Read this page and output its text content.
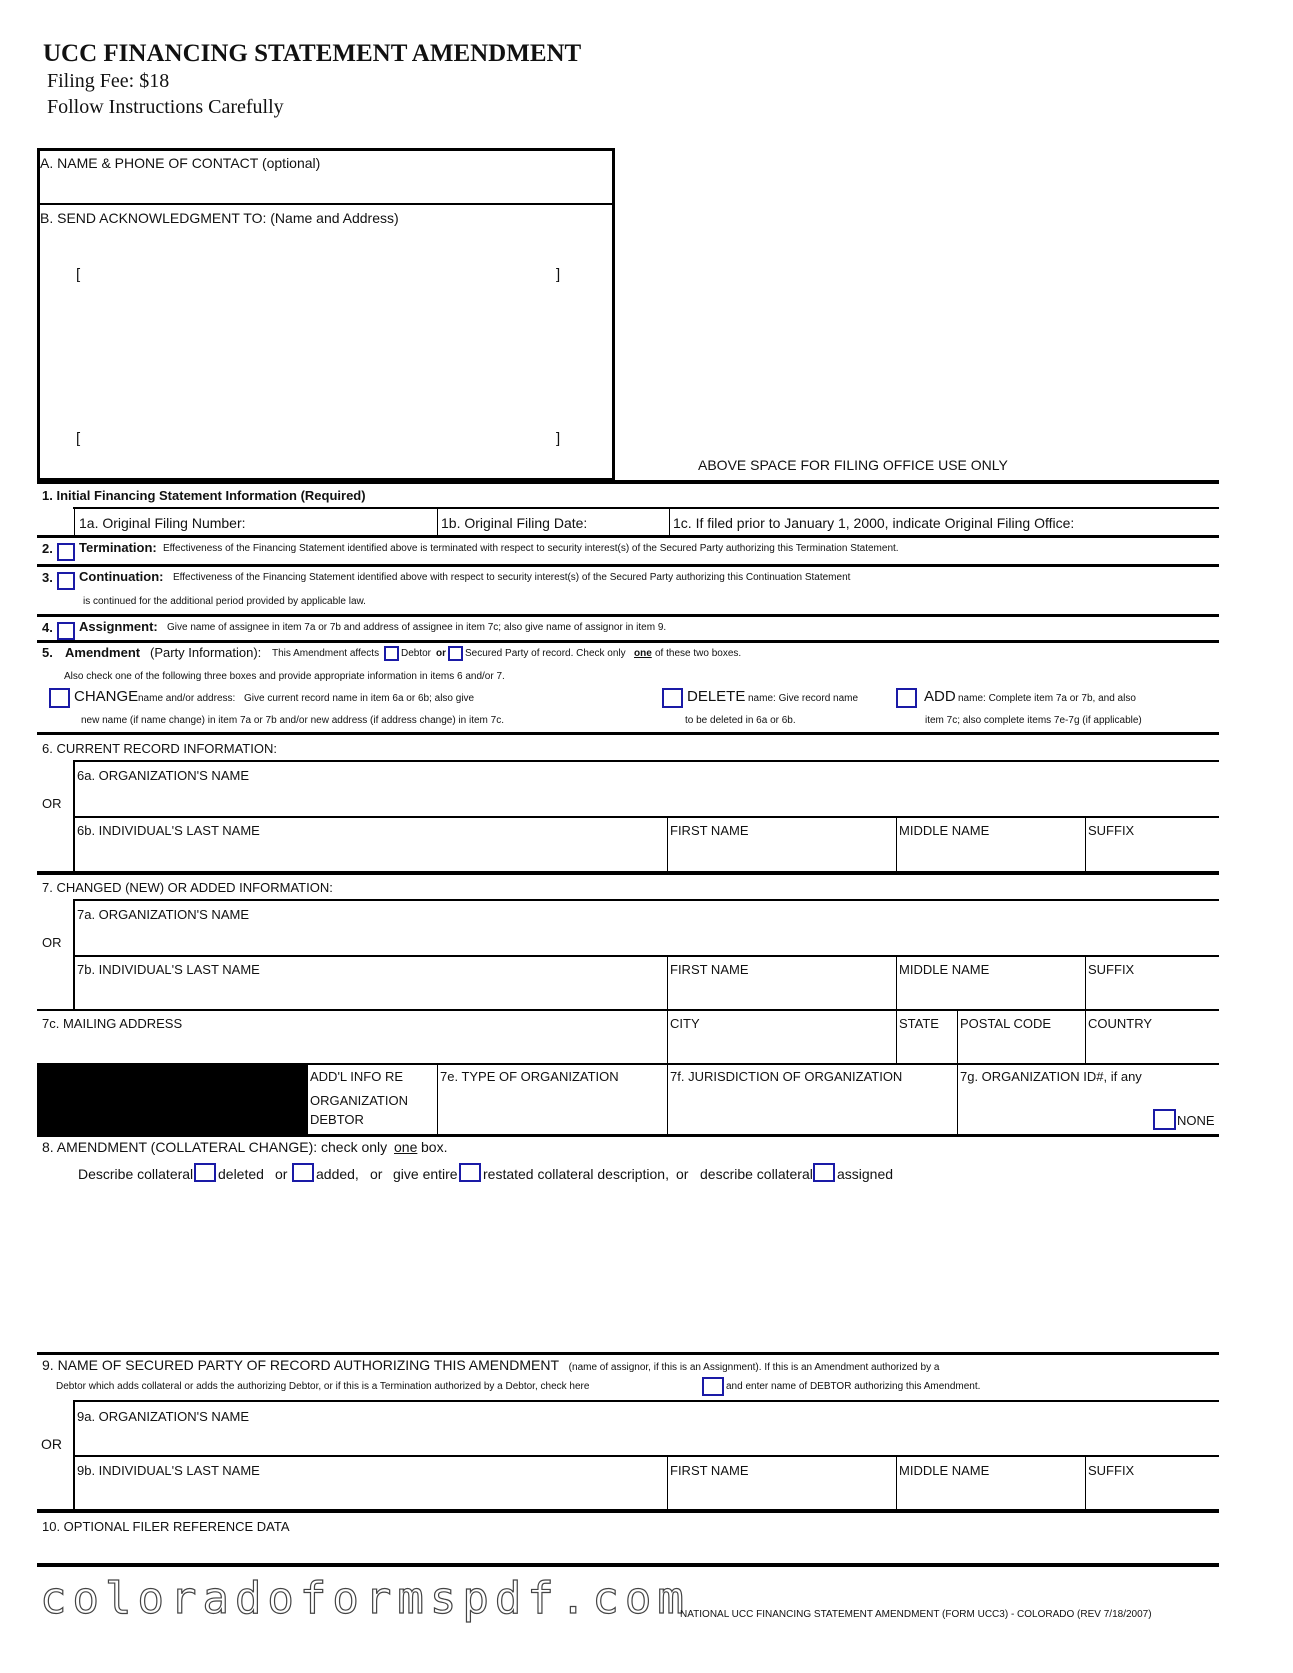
UCC FINANCING STATEMENT AMENDMENT
Filing Fee: $18
Follow Instructions Carefully
A. NAME & PHONE OF CONTACT (optional)
B. SEND ACKNOWLEDGMENT TO: (Name and Address)
[	]
[	]
ABOVE SPACE FOR FILING OFFICE USE ONLY
1. Initial Financing Statement Information (Required)
1a. Original Filing Number:	1b. Original Filing Date:	1c. If filed prior to January 1, 2000, indicate Original Filing Office:
2. Termination: Effectiveness of the Financing Statement identified above is terminated with respect to security interest(s) of the Secured Party authorizing this Termination Statement.
3. Continuation: Effectiveness of the Financing Statement identified above with respect to security interest(s) of the Secured Party authorizing this Continuation Statement
is continued for the additional period provided by applicable law.
4. Assignment: Give name of assignee in item 7a or 7b and address of assignee in item 7c; also give name of assignor in item 9.
5. Amendment (Party Information): This Amendment affects Debtor or Secured Party of record. Check only one of these two boxes.
Also check one of the following three boxes and provide appropriate information in items 6 and/or 7.
CHANGE name and/or address: Give current record name in item 6a or 6b; also give
new name (if name change) in item 7a or 7b and/or new address (if address change) in item 7c.
DELETE name: Give record name
to be deleted in 6a or 6b.
ADD name: Complete item 7a or 7b, and also
item 7c; also complete items 7e-7g (if applicable)
6. CURRENT RECORD INFORMATION:
6a. ORGANIZATION'S NAME
OR
6b. INDIVIDUAL'S LAST NAME	FIRST NAME	MIDDLE NAME	SUFFIX
7. CHANGED (NEW) OR ADDED INFORMATION:
7a. ORGANIZATION'S NAME
OR
7b. INDIVIDUAL'S LAST NAME	FIRST NAME	MIDDLE NAME	SUFFIX
7c. MAILING ADDRESS	CITY	STATE POSTAL CODE	COUNTRY
ADD'L INFO RE
ORGANIZATION
DEBTOR
7e. TYPE OF ORGANIZATION	7f. JURISDICTION OF ORGANIZATION	7g. ORGANIZATION ID#, if any
NONE
8. AMENDMENT (COLLATERAL CHANGE): check only one box.
Describe collateral deleted or added, or give entire restated collateral description, or describe collateral assigned
9. NAME OF SECURED PARTY OF RECORD AUTHORIZING THIS AMENDMENT (name of assignor, if this is an Assignment). If this is an Amendment authorized by a
Debtor which adds collateral or adds the authorizing Debtor, or if this is a Termination authorized by a Debtor, check here	and enter name of DEBTOR authorizing this Amendment.
9a. ORGANIZATION'S NAME
OR
9b. INDIVIDUAL'S LAST NAME	FIRST NAME	MIDDLE NAME	SUFFIX
10. OPTIONAL FILER REFERENCE DATA
coloradoformspdf.com
NATIONAL UCC FINANCING STATEMENT AMENDMENT (FORM UCC3) - COLORADO (REV 7/18/2007)
